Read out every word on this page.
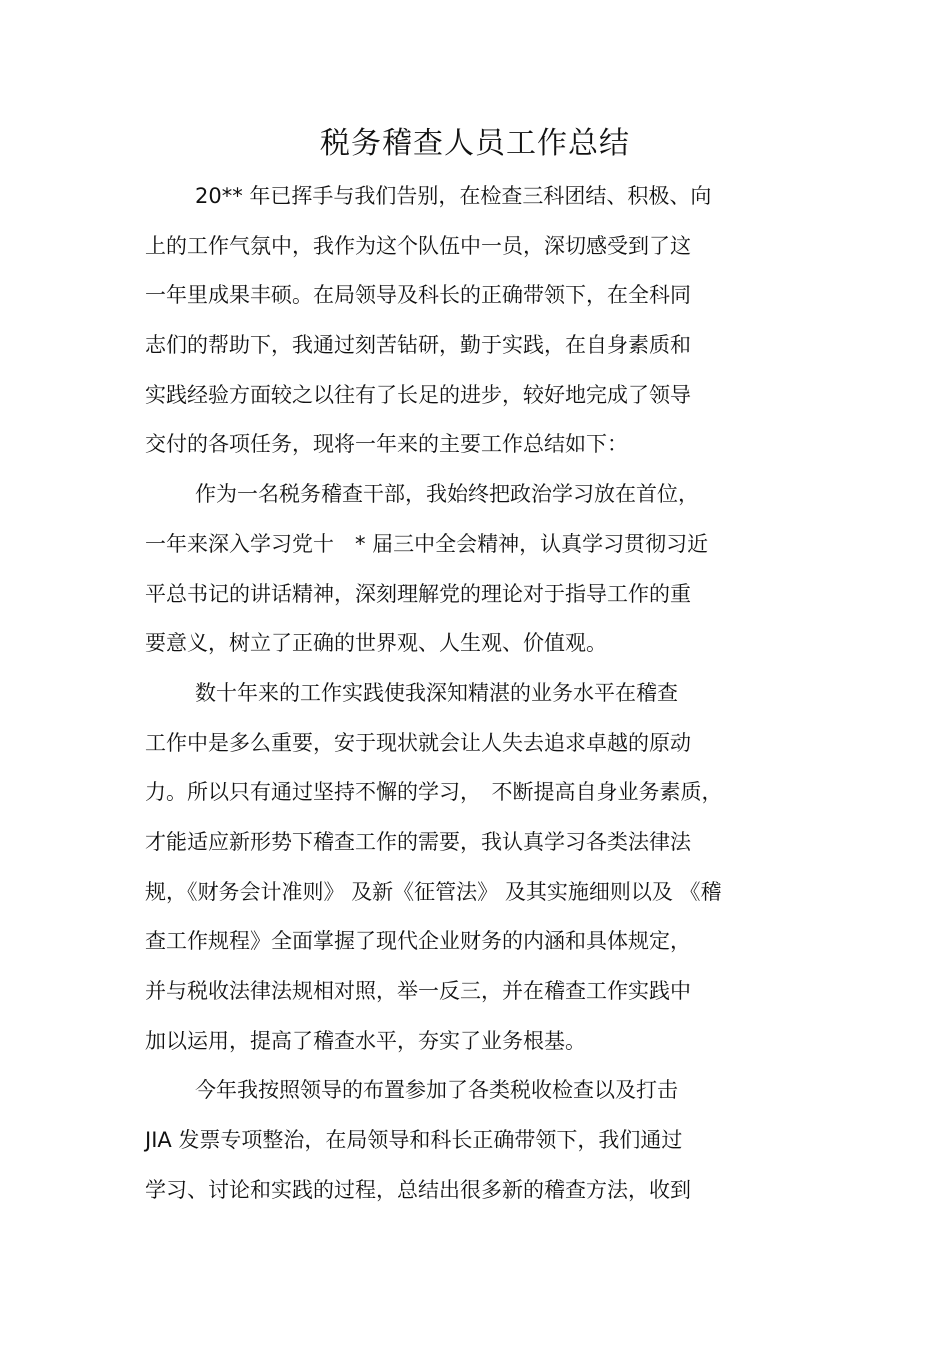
税务稽查人员工作总结
20** 年已挥手与我们告别，在检查三科团结、积极、向
上的工作气氛中，我作为这个队伍中一员，深切感受到了这
一年里成果丰硕。在局领导及科长的正确带领下，在全科同
志们的帮助下，我通过刻苦钻研，勤于实践，在自身素质和
实践经验方面较之以往有了长足的进步，较好地完成了领导
交付的各项任务，现将一年来的主要工作总结如下：
作为一名税务稽查干部，我始终把政治学习放在首位，
一年来深入学习党十　* 届三中全会精神，认真学习贯彻习近
平总书记的讲话精神，深刻理解党的理论对于指导工作的重
要意义，树立了正确的世界观、人生观、价值观。
数十年来的工作实践使我深知精湛的业务水平在稽查
工作中是多么重要，安于现状就会让人失去追求卓越的原动
力。所以只有通过坚持不懈的学习，　不断提高自身业务素质，
才能适应新形势下稽查工作的需要，我认真学习各类法律法
规，《财务会计准则》 及新《征管法》 及其实施细则以及 《稽
查工作规程》全面掌握了现代企业财务的内涵和具体规定，
并与税收法律法规相对照，举一反三，并在稽查工作实践中
加以运用，提高了稽查水平，夯实了业务根基。
今年我按照领导的布置参加了各类税收检查以及打击
JIA 发票专项整治，在局领导和科长正确带领下，我们通过
学习、讨论和实践的过程，总结出很多新的稽查方法，收到
